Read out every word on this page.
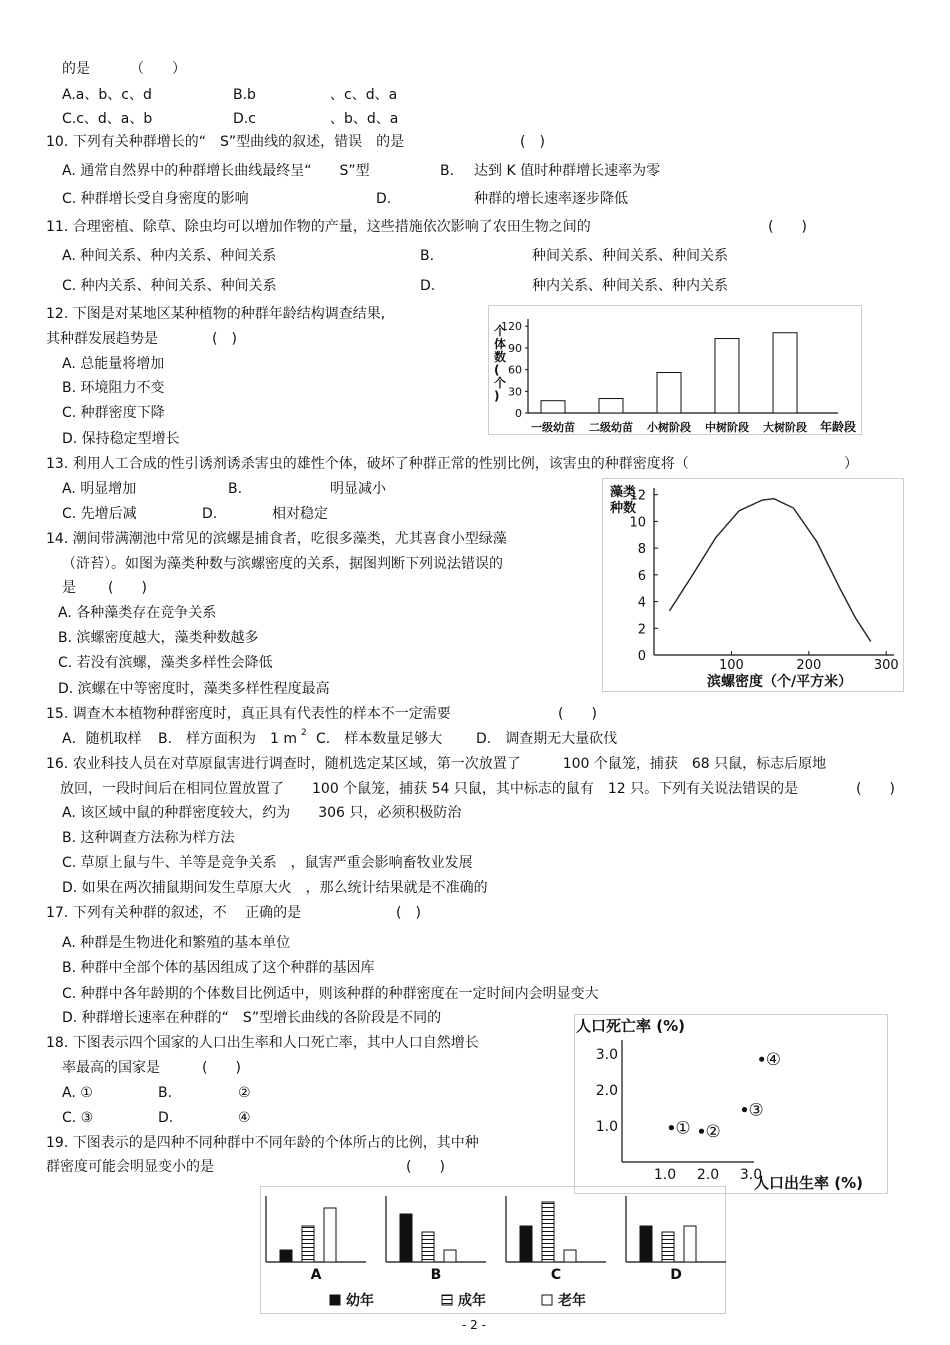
的是	（　　）
A.a、b、c、d	B.b	、c、d、a
C.c、d、a、b	D.c	、b、d、a
10. 下列有关种群增长的“　S”型曲线的叙述，错误　的是	(　)
A. 通常自然界中的种群增长曲线最终呈“　　S”型	B. 达到 K 值时种群增长速率为零
C. 种群增长受自身密度的影响	D.	种群的增长速率逐步降低
11. 合理密植、除草、除虫均可以增加作物的产量，这些措施依次影响了农田生物之间的	(　　)
A. 种间关系、种内关系、种间关系	B.	种间关系、种间关系、种间关系
C. 种内关系、种间关系、种间关系	D.	种内关系、种间关系、种内关系
12. 下图是对某地区某种植物的种群年龄结构调查结果,
其种群发展趋势是	(　)
A. 总能量将增加
B. 环境阻力不变
C. 种群密度下降
D. 保持稳定型增长
0
30
60
90
120
一级幼苗 二级幼苗 小树阶段 中树阶段 大树阶段
个体数(个)
年龄段
13. 利用人工合成的性引诱剂诱杀害虫的雄性个体，破坏了种群正常的性别比例，该害虫的种群密度将（	）
A. 明显增加	B.	明显减小
C. 先增后减	D.	相对稳定
14. 潮间带满潮池中常见的滨螺是捕食者，吃很多藻类，尤其喜食小型绿藻
（浒苔）。如图为藻类种数与滨螺密度的关系，据图判断下列说法错误的
是 (　　)
A. 各种藻类存在竞争关系
B. 滨螺密度越大，藻类种数越多
C. 若没有滨螺，藻类多样性会降低
D. 滨螺在中等密度时，藻类多样性程度最高
0
2
4
6
8
10
12
100	200	300
藻类种数
滨螺密度（个/平方米）
15. 调查木本植物种群密度时，真正具有代表性的样本不一定需要	(　　)
A．随机取样 B.　样方面积为　1 m 2 C.　样本数量足够大 D.　调查期无大量砍伐
16. 农业科技人员在对草原鼠害进行调查时，随机选定某区域，第一次放置了　　　100 个鼠笼，捕获　68 只鼠，标志后原地
放回，一段时间后在相同位置放置了　　100 个鼠笼，捕获 54 只鼠，其中标志的鼠有　12 只。下列有关说法错误的是	(　　)
A. 该区域中鼠的种群密度较大，约为　　306 只，必须积极防治
B. 这种调查方法称为样方法
C. 草原上鼠与牛、羊等是竞争关系　，鼠害严重会影响畜牧业发展
D. 如果在两次捕鼠期间发生草原大火　，那么统计结果就是不准确的
17. 下列有关种群的叙述，不　 正确的是	(　)
A. 种群是生物进化和繁殖的基本单位
B. 种群中全部个体的基因组成了这个种群的基因库
C. 种群中各年龄期的个体数目比例适中，则该种群的种群密度在一定时间内会明显变大
D. 种群增长速率在种群的“　S”型增长曲线的各阶段是不同的
18. 下图表示四个国家的人口出生率和人口死亡率，其中人口自然增长
率最高的国家是	(　　)
A. ①	B.	②
C. ③	D.	④
1.0
2.0
3.0
1.0 2.0 3.0
① ②
③
④
人口死亡率 (%)
人口出生率 (%)
19. 下图表示的是四种不同种群中不同年龄的个体所占的比例，其中种
群密度可能会明显变小的是	(　　)
A	B	C	D
幼年	成年	老年
- 2 -
